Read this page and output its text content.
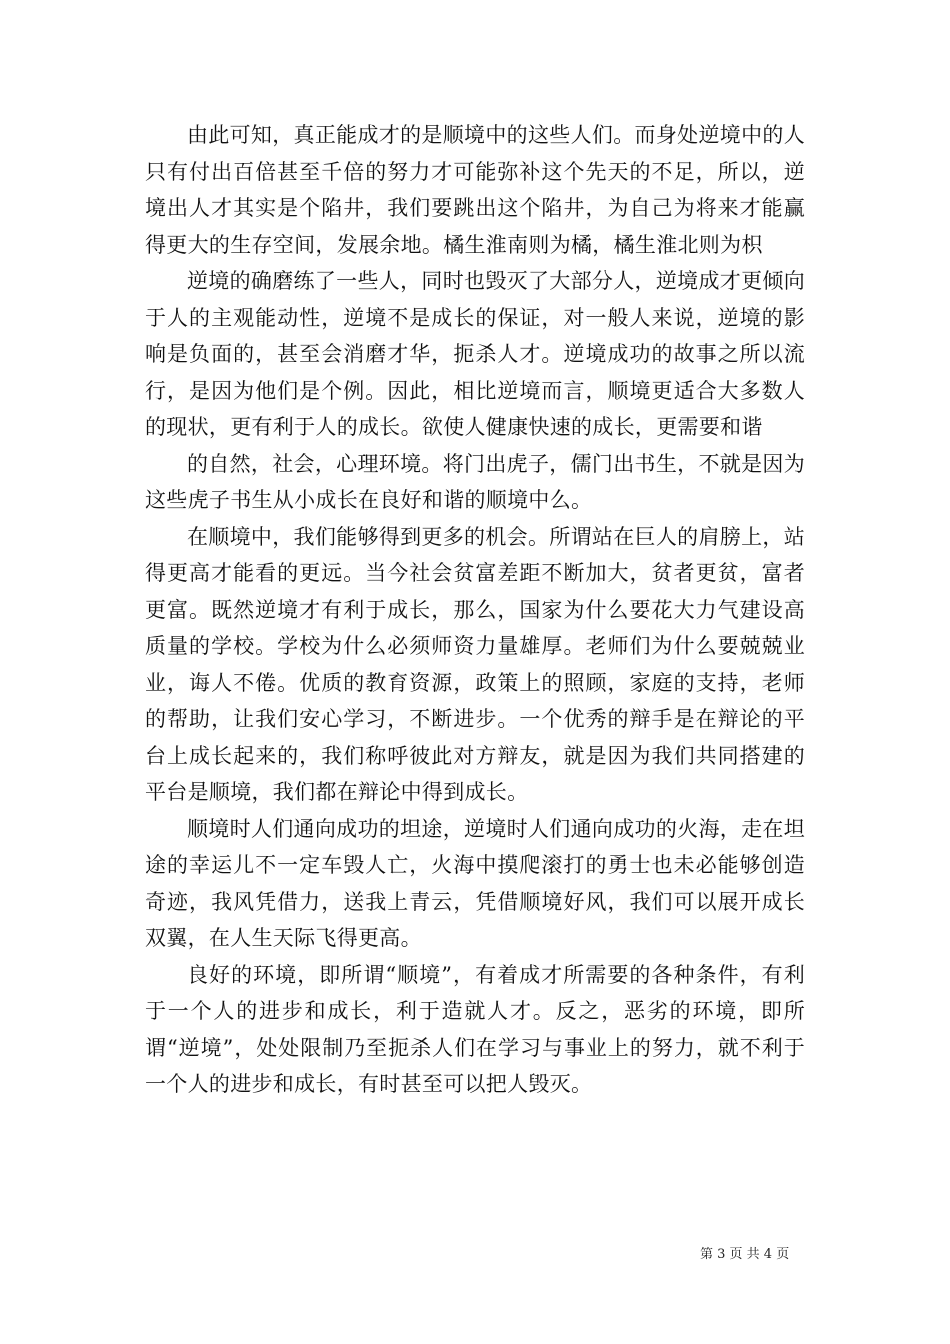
由此可知，真正能成才的是顺境中的这些人们。而身处逆境中的人只有付出百倍甚至千倍的努力才可能弥补这个先天的不足，所以，逆境出人才其实是个陷井，我们要跳出这个陷井，为自己为将来才能赢得更大的生存空间，发展余地。橘生淮南则为橘，橘生淮北则为枳

逆境的确磨练了一些人，同时也毁灭了大部分人，逆境成才更倾向于人的主观能动性，逆境不是成长的保证，对一般人来说，逆境的影响是负面的，甚至会消磨才华，扼杀人才。逆境成功的故事之所以流行，是因为他们是个例。因此，相比逆境而言，顺境更适合大多数人的现状，更有利于人的成长。欲使人健康快速的成长，更需要和谐

的自然，社会，心理环境。将门出虎子，儒门出书生，不就是因为这些虎子书生从小成长在良好和谐的顺境中么。

在顺境中，我们能够得到更多的机会。所谓站在巨人的肩膀上，站得更高才能看的更远。当今社会贫富差距不断加大，贫者更贫，富者更富。既然逆境才有利于成长，那么，国家为什么要花大力气建设高质量的学校。学校为什么必须师资力量雄厚。老师们为什么要兢兢业业，诲人不倦。优质的教育资源，政策上的照顾，家庭的支持，老师的帮助，让我们安心学习，不断进步。一个优秀的辩手是在辩论的平台上成长起来的，我们称呼彼此对方辩友，就是因为我们共同搭建的平台是顺境，我们都在辩论中得到成长。

顺境时人们通向成功的坦途，逆境时人们通向成功的火海，走在坦途的幸运儿不一定车毁人亡，火海中摸爬滚打的勇士也未必能够创造奇迹，我风凭借力，送我上青云，凭借顺境好风，我们可以展开成长双翼，在人生天际飞得更高。

良好的环境，即所谓“顺境”，有着成才所需要的各种条件，有利于一个人的进步和成长，利于造就人才。反之，恶劣的环境，即所谓“逆境”，处处限制乃至扼杀人们在学习与事业上的努力，就不利于一个人的进步和成长，有时甚至可以把人毁灭。

第 3 页 共 4 页
